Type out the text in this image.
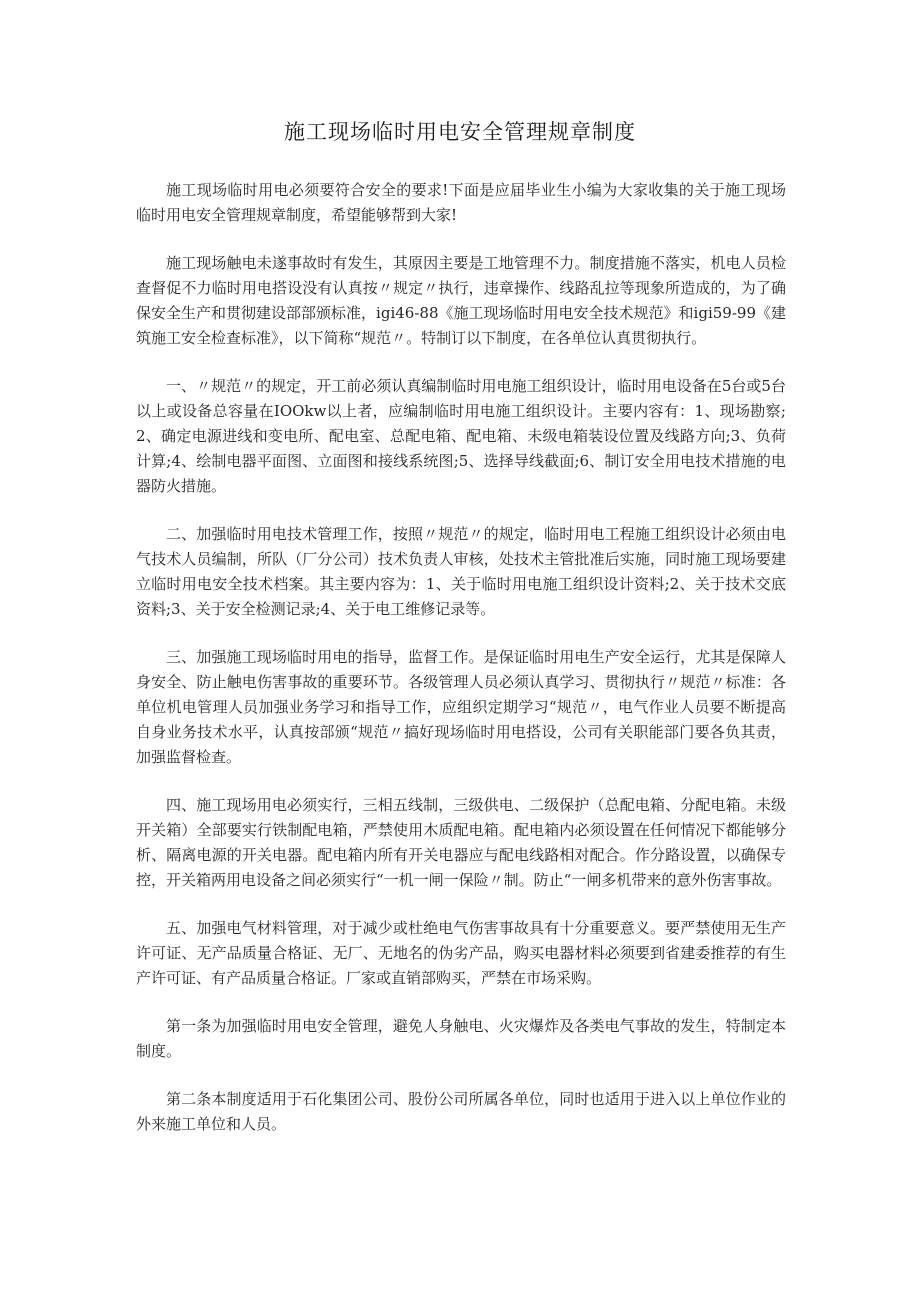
施工现场临时用电安全管理规章制度

施工现场临时用电必须要符合安全的要求!下面是应届毕业生小编为大家收集的关于施工现场临时用电安全管理规章制度，希望能够帮到大家!

施工现场触电未遂事故时有发生，其原因主要是工地管理不力。制度措施不落实，机电人员检查督促不力临时用电搭设没有认真按〃规定〃执行，违章操作、线路乱拉等现象所造成的，为了确保安全生产和贯彻建设部部颁标准，igi46-88《施工现场临时用电安全技术规范》和igi59-99《建筑施工安全检查标准》，以下简称“规范〃。特制订以下制度，在各单位认真贯彻执行。

一、〃规范〃的规定，开工前必须认真编制临时用电施工组织设计，临时用电设备在5台或5台以上或设备总容量在IOOkw以上者，应编制临时用电施工组织设计。主要内容有：1、现场勘察;2、确定电源进线和变电所、配电室、总配电箱、配电箱、未级电箱装设位置及线路方向;3、负荷计算;4、绘制电器平面图、立面图和接线系统图;5、选择导线截面;6、制订安全用电技术措施的电器防火措施。

二、加强临时用电技术管理工作，按照〃规范〃的规定，临时用电工程施工组织设计必须由电气技术人员编制，所队（厂分公司）技术负责人审核，处技术主管批准后实施，同时施工现场要建立临时用电安全技术档案。其主要内容为：1、关于临时用电施工组织设计资料;2、关于技术交底资料;3、关于安全检测记录;4、关于电工维修记录等。

三、加强施工现场临时用电的指导，监督工作。是保证临时用电生产安全运行，尤其是保障人身安全、防止触电伤害事故的重要环节。各级管理人员必须认真学习、贯彻执行〃规范〃标准：各单位机电管理人员加强业务学习和指导工作，应组织定期学习“规范〃，电气作业人员要不断提高自身业务技术水平，认真按部颁“规范〃搞好现场临时用电搭设，公司有关职能部门要各负其责，加强监督检查。

四、施工现场用电必须实行，三相五线制，三级供电、二级保护（总配电箱、分配电箱。未级开关箱）全部要实行铁制配电箱，严禁使用木质配电箱。配电箱内必须设置在任何情况下都能够分析、隔离电源的开关电器。配电箱内所有开关电器应与配电线路相对配合。作分路设置，以确保专控，开关箱两用电设备之间必须实行“一机一闸一保险〃制。防止“一闸多机带来的意外伤害事故。

五、加强电气材料管理，对于减少或杜绝电气伤害事故具有十分重要意义。要严禁使用无生产许可证、无产品质量合格证、无厂、无地名的伪劣产品，购买电器材料必须要到省建委推荐的有生产许可证、有产品质量合格证。厂家或直销部购买，严禁在市场采购。

第一条为加强临时用电安全管理，避免人身触电、火灾爆炸及各类电气事故的发生，特制定本制度。

第二条本制度适用于石化集团公司、股份公司所属各单位，同时也适用于进入以上单位作业的外来施工单位和人员。
